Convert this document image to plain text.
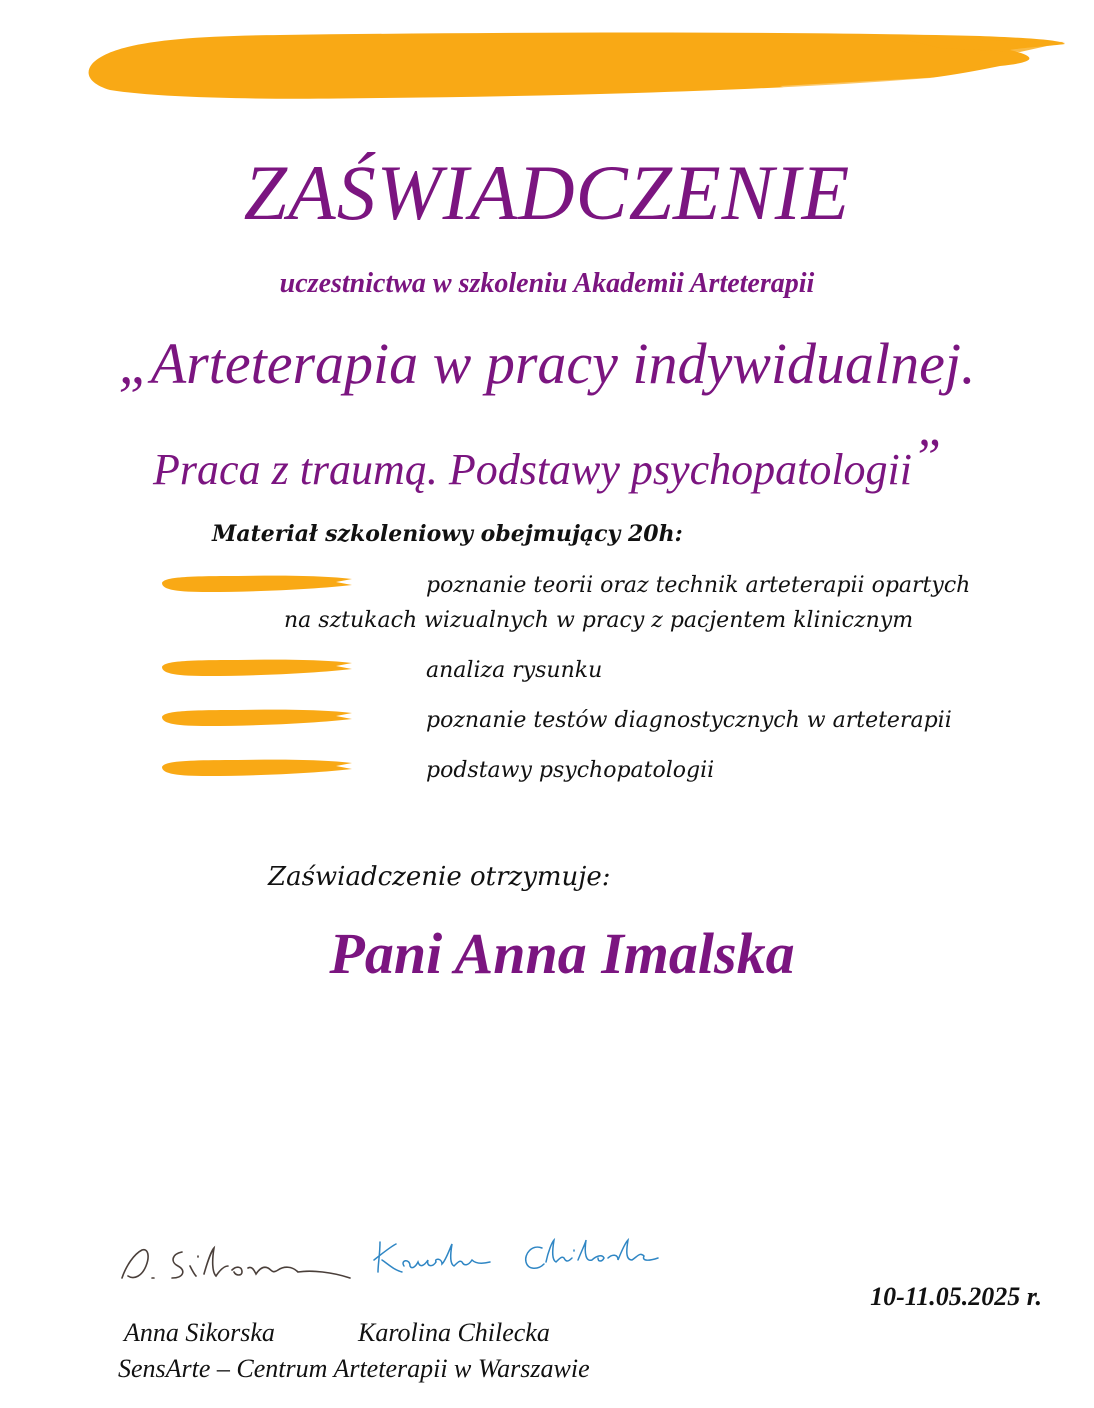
ZAŚWIADCZENIE
uczestnictwa w szkoleniu Akademii Arteterapii
„Arteterapia w pracy indywidualnej.
Praca z traumą. Podstawy psychopatologii”
Materiał szkoleniowy obejmujący 20h:
poznanie teorii oraz technik arteterapii opartych
na sztukach wizualnych w pracy z pacjentem klinicznym
analiza rysunku
poznanie testów diagnostycznych w arteterapii
podstawy psychopatologii
Zaświadczenie otrzymuje:
Pani Anna Imalska
10-11.05.2025 r.
Anna Sikorska	Karolina Chilecka
SensArte – Centrum Arteterapii w Warszawie
